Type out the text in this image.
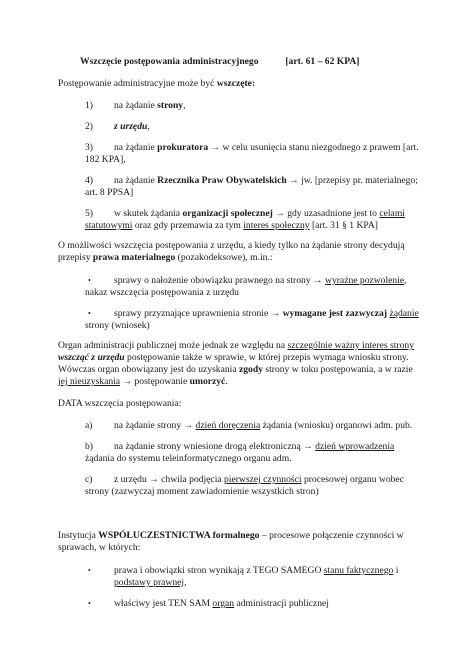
Wszczęcie postępowania administracyjnego	[art. 61 – 62 KPA]
Postępowanie administracyjne może być wszczęte:
1) na żądanie strony,
2) z urzędu,
3) na żądanie prokuratora → w celu usunięcia stanu niezgodnego z prawem [art.
182 KPA],
4) na żądanie Rzecznika Praw Obywatelskich → jw. [przepisy pr. materialnego;
art. 8 PPSA]
5) w skutek żądania organizacji społecznej → gdy uzasadnione jest to celami
statutowymi oraz gdy przemawia za tym interes społeczny [art. 31 § 1 KPA]
O możliwości wszczęcia postępowania z urzędu, a kiedy tylko na żądanie strony decydują
przepisy prawa materialnego (pozakodeksowe), m.in.:
• sprawy o nałożenie obowiązku prawnego na strony → wyraźne pozwolenie,
nakaz wszczęcia postępowania z urzędu
• sprawy przyznające uprawnienia stronie → wymagane jest zazwyczaj żądanie
strony (wniosek)
Organ administracji publicznej może jednak ze względu na szczególnie ważny interes strony
wszcząć z urzędu postępowanie także w sprawie, w której przepis wymaga wniosku strony.
Wówczas organ obowiązany jest do uzyskania zgody strony w toku postępowania, a w razie
jej nieuzyskania → postępowanie umorzyć.
DATA wszczęcia postępowania:
a) na żądanie strony → dzień doręczenia żądania (wniosku) organowi adm. pub.
b) na żądanie strony wniesione drogą elektroniczną → dzień wprowadzenia
żądania do systemu teleinformatycznego organu adm.
c) z urzędu → chwila podjęcia pierwszej czynności procesowej organu wobec
strony (zazwyczaj moment zawiadomienie wszystkich stron)
Instytucja WSPÓŁUCZESTNICTWA formalnego – procesowe połączenie czynności w
sprawach, w których:
• prawa i obowiązki stron wynikają z TEGO SAMEGO stanu faktycznego i
podstawy prawnej,
• właściwy jest TEN SAM organ administracji publicznej
